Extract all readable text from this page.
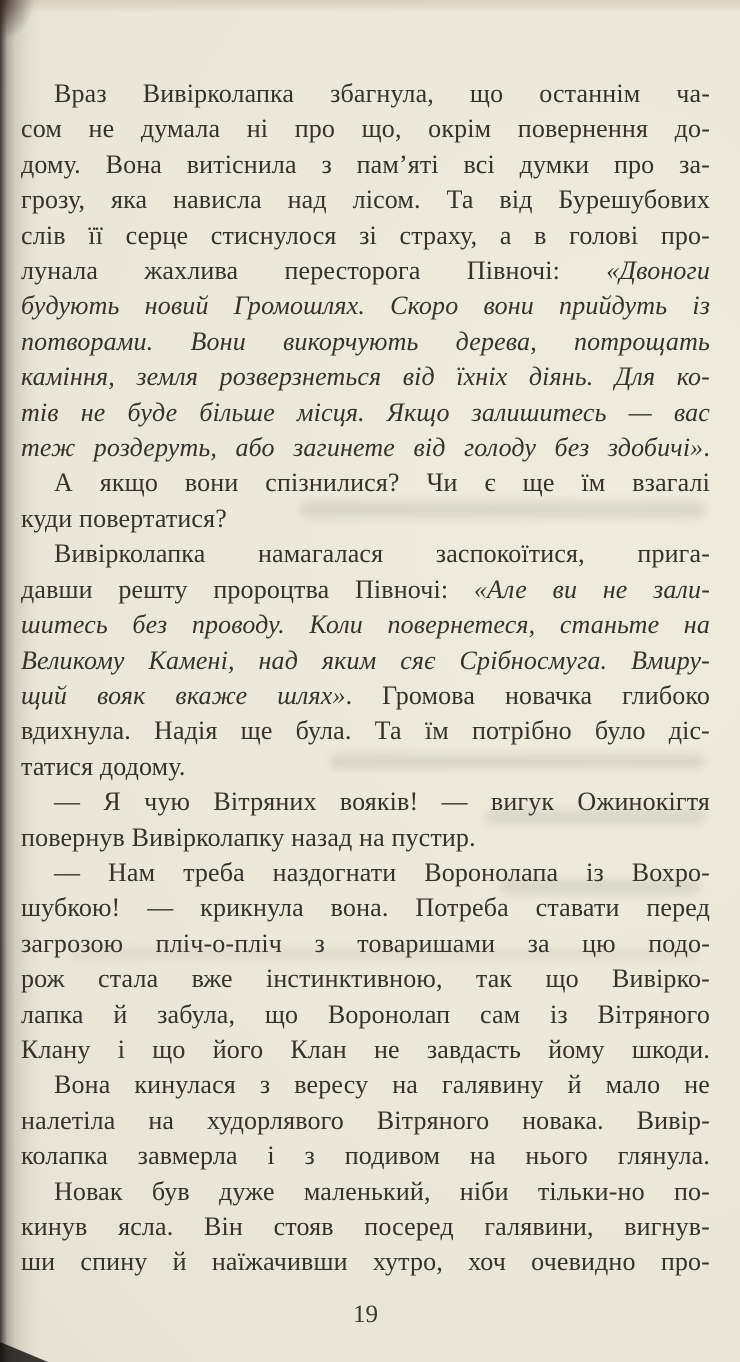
Враз Вивірколапка збагнула, що останнім ча-
сом не думала ні про що, окрім повернення до-
дому. Вона витіснила з пам’яті всі думки про за-
грозу, яка нависла над лісом. Та від Бурешубових
слів її серце стиснулося зі страху, а в голові про-
лунала жахлива пересторога Півночі: «Двоноги
будують новий Громошлях. Скоро вони прийдуть із
потворами. Вони викорчують дерева, потрощать
каміння, земля розверзнеться від їхніх діянь. Для ко-
тів не буде більше місця. Якщо залишитесь — вас
теж роздеруть, або загинете від голоду без здобичі».
А якщо вони спізнилися? Чи є ще їм взагалі
куди повертатися?
Вивірколапка намагалася заспокоїтися, прига-
давши решту пророцтва Півночі: «Але ви не зали-
шитесь без проводу. Коли повернетеся, станьте на
Великому Камені, над яким сяє Срібносмуга. Вмиру-
щий вояк вкаже шлях». Громова новачка глибоко
вдихнула. Надія ще була. Та їм потрібно було діс-
татися додому.
— Я чую Вітряних вояків! — вигук Ожинокігтя
повернув Вивірколапку назад на пустир.
— Нам треба наздогнати Воронолапа із Вохро-
шубкою! — крикнула вона. Потреба ставати перед
загрозою пліч-о-пліч з товаришами за цю подо-
рож стала вже інстинктивною, так що Вивірко-
лапка й забула, що Воронолап сам із Вітряного
Клану і що його Клан не завдасть йому шкоди.
Вона кинулася з вересу на галявину й мало не
налетіла на худорлявого Вітряного новака. Вивір-
колапка завмерла і з подивом на нього глянула.
Новак був дуже маленький, ніби тільки-но по-
кинув ясла. Він стояв посеред галявини, вигнув-
ши спину й наїжачивши хутро, хоч очевидно про-
19
